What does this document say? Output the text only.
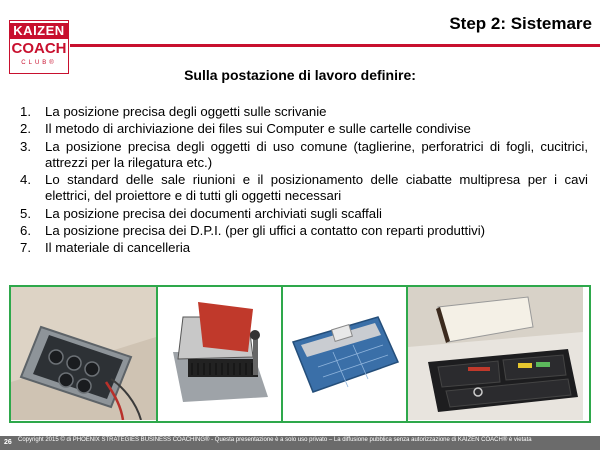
KAIZEN
COACH
CLUB®
Step 2: Sistemare
Sulla postazione di lavoro definire:
1.	La posizione precisa degli oggetti sulle scrivanie
2.	Il metodo di archiviazione dei files sui Computer e sulle cartelle condivise
3.	La posizione precisa degli oggetti di uso comune (taglierine, perforatrici di fogli, cucitrici, attrezzi per la rilegatura etc.)
4.	Lo standard delle sale riunioni e il posizionamento delle ciabatte multipresa per i cavi elettrici, del proiettore e di tutti gli oggetti necessari
5.	La posizione precisa dei documenti archiviati sugli scaffali
6.	La posizione precisa dei D.P.I. (per gli uffici a contatto con reparti produttivi)
7.	Il materiale di cancelleria
26 Copyright 2015 © di PHOENIX STRATEGIES BUSINESS COACHING® - Questa presentazione è a solo uso privato – La diffusione pubblica senza autorizzazione di KAIZEN COACH® è vietata
